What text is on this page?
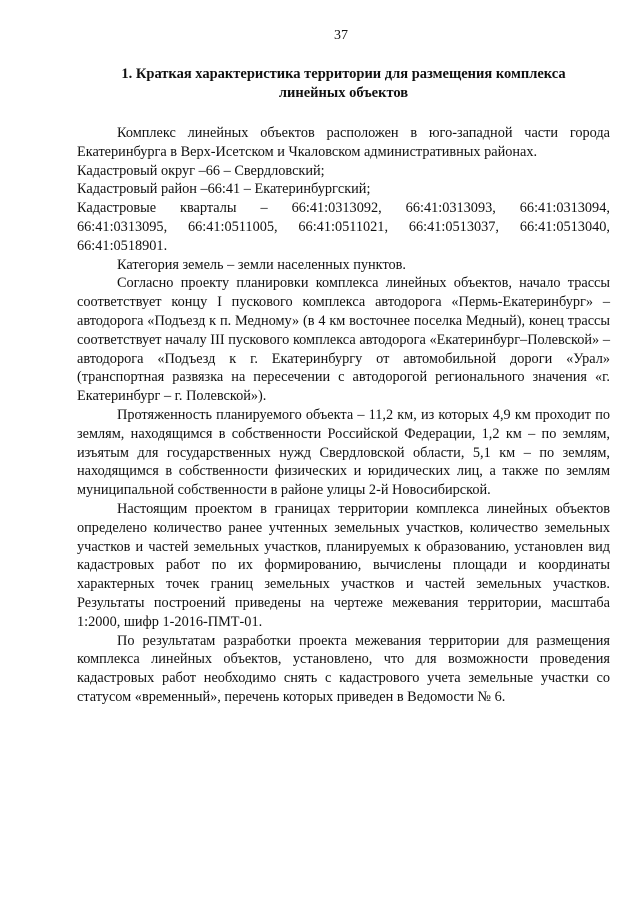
37
1. Краткая характеристика территории для размещения комплекса
линейных объектов

Комплекс линейных объектов расположен в юго-западной части города Екатеринбурга в Верх-Исетском и Чкаловском административных районах.

Кадастровый округ –66 – Свердловский;

Кадастровый район –66:41 – Екатеринбургский;

Кадастровые кварталы – 66:41:0313092, 66:41:0313093, 66:41:0313094,
66:41:0313095, 66:41:0511005, 66:41:0511021, 66:41:0513037, 66:41:0513040,
66:41:0518901.

Категория земель – земли населенных пунктов.

Согласно проекту планировки комплекса линейных объектов, начало трассы соответствует концу I пускового комплекса автодорога «Пермь-Екатеринбург» – автодорога «Подъезд к п. Медному» (в 4 км восточнее поселка Медный), конец трассы соответствует началу III пускового комплекса автодорога «Екатеринбург–Полевской» – автодорога «Подъезд к г. Екатеринбургу от автомобильной дороги «Урал» (транспортная развязка на пересечении с автодорогой регионального значения «г. Екатеринбург – г. Полевской»).

Протяженность планируемого объекта – 11,2 км, из которых 4,9 км проходит по землям, находящимся в собственности Российской Федерации, 1,2 км – по землям, изъятым для государственных нужд Свердловской области, 5,1 км – по землям, находящимся в собственности физических и юридических лиц, а также по землям муниципальной собственности в районе улицы 2-й Новосибирской.

Настоящим проектом в границах территории комплекса линейных объектов определено количество ранее учтенных земельных участков, количество земельных участков и частей земельных участков, планируемых к образованию, установлен вид кадастровых работ по их формированию, вычислены площади и координаты характерных точек границ земельных участков и частей земельных участков. Результаты построений приведены на чертеже межевания территории, масштаба 1:2000, шифр 1-2016-ПМТ-01.

По результатам разработки проекта межевания территории для размещения комплекса линейных объектов, установлено, что для возможности проведения кадастровых работ необходимо снять с кадастрового учета земельные участки со статусом «временный», перечень которых приведен в Ведомости № 6.
